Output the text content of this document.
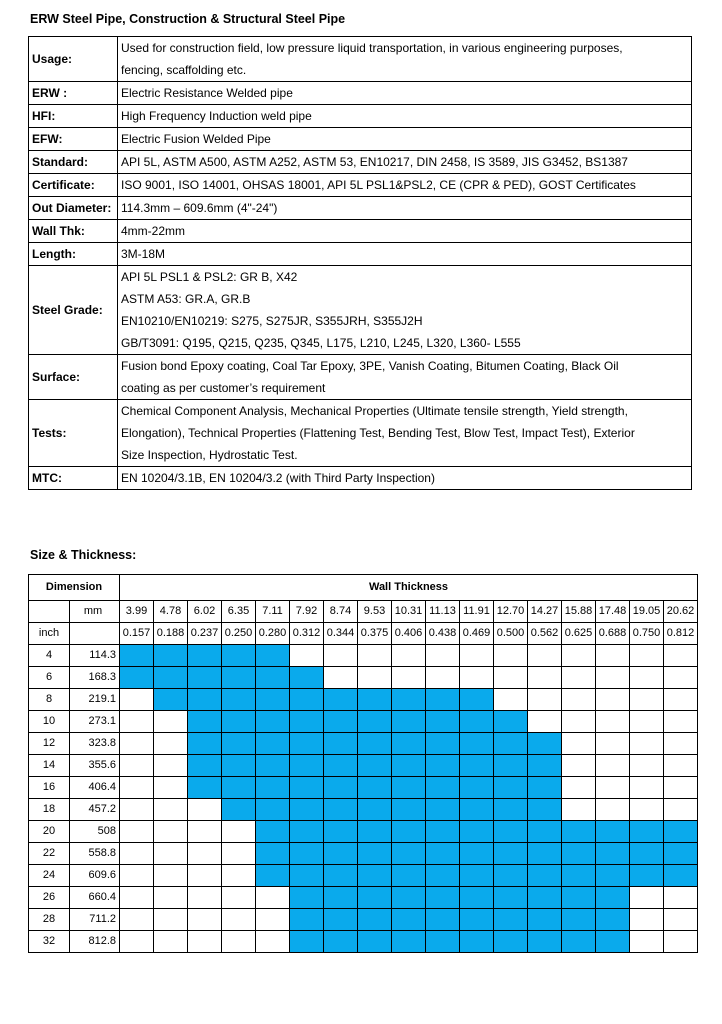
ERW Steel Pipe, Construction & Structural Steel Pipe
Usage:	Used for construction field, low pressure liquid transportation, in various engineering purposes,
fencing, scaffolding etc.

ERW :	Electric Resistance Welded pipe

HFI:	High Frequency Induction weld pipe

EFW:	Electric Fusion Welded Pipe

Standard:	API 5L, ASTM A500, ASTM A252, ASTM 53, EN10217, DIN 2458, IS 3589, JIS G3452, BS1387

Certificate:	ISO 9001, ISO 14001, OHSAS 18001, API 5L PSL1&PSL2, CE (CPR & PED), GOST Certificates

Out Diameter:	114.3mm – 609.6mm (4"-24")

Wall Thk:	4mm-22mm

Length:	3M-18M

Steel Grade:	API 5L PSL1 & PSL2: GR B, X42
ASTM A53: GR.A, GR.B
EN10210/EN10219: S275, S275JR, S355JRH, S355J2H
GB/T3091: Q195, Q215, Q235, Q345, L175, L210, L245, L320, L360- L555

Surface:	Fusion bond Epoxy coating, Coal Tar Epoxy, 3PE, Vanish Coating, Bitumen Coating, Black Oil
coating as per customer’s requirement

Tests:	Chemical Component Analysis, Mechanical Properties (Ultimate tensile strength, Yield strength,
Elongation), Technical Properties (Flattening Test, Bending Test, Blow Test, Impact Test), Exterior
Size Inspection, Hydrostatic Test.

MTC:	EN 10204/3.1B, EN 10204/3.2 (with Third Party Inspection)
Size & Thickness:
Dimension		Wall Thickness																
	mm	3.99	4.78	6.02	6.35	7.11	7.92	8.74	9.53	10.31	11.13	11.91	12.70	14.27	15.88	17.48	19.05	20.62
inch		0.157	0.188	0.237	0.250	0.280	0.312	0.344	0.375	0.406	0.438	0.469	0.500	0.562	0.625	0.688	0.750	0.812
4	114.3																	
6	168.3																	
8	219.1																	
10	273.1																	
12	323.8																	
14	355.6																	
16	406.4																	
18	457.2																	
20	508																	
22	558.8																	
24	609.6																	
26	660.4																	
28	711.2																	
32	812.8																	
